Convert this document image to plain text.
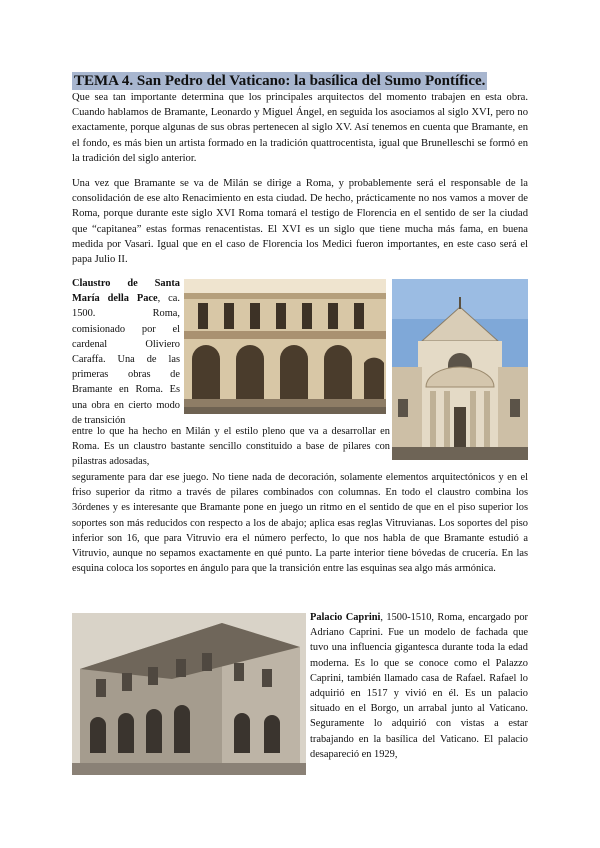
TEMA 4. San Pedro del Vaticano: la basílica del Sumo Pontífice.

Que sea tan importante determina que los principales arquitectos del momento trabajen en esta obra. Cuando hablamos de Bramante, Leonardo y Miguel Ángel, en seguida los asociamos al siglo XVI, pero no exactamente, porque algunas de sus obras pertenecen al siglo XV. Así tenemos en cuenta que Bramante, en el fondo, es más bien un artista formado en la tradición quattrocentista, igual que Brunelleschi se formó en la tradición del siglo anterior.

Una vez que Bramante se va de Milán se dirige a Roma, y probablemente será el responsable de la consolidación de ese alto Renacimiento en esta ciudad. De hecho, prácticamente no nos vamos a mover de Roma, porque durante este siglo XVI Roma tomará el testigo de Florencia en el sentido de ser la ciudad que “capitanea” estas formas renacentistas. El XVI es un siglo que tiene mucha más fama, en buena medida por Vasari. Igual que en el caso de Florencia los Medici fueron importantes, en este caso será el papa Julio II.

Claustro de Santa María della Pace, ca. 1500. Roma, comisionado por el cardenal Oliviero Caraffa. Una de las primeras obras de Bramante en Roma. Es una obra en cierto modo de transición

entre lo que ha hecho en Milán y el estilo pleno que va a desarrollar en Roma. Es un claustro bastante sencillo constituido a base de pilares con pilastras adosadas,

seguramente para dar ese juego. No tiene nada de decoración, solamente elementos arquitectónicos y en el friso superior da ritmo a través de pilares combinados con columnas. En todo el claustro combina los 3órdenes y es interesante que Bramante pone en juego un ritmo en el sentido de que en el piso superior los soportes son más reducidos con respecto a los de abajo; aplica esas reglas Vitruvianas. Los soportes del piso inferior son 16, que para Vitruvio era el número perfecto, lo que nos habla de que Bramante estudió a Vitruvio, aunque no sepamos exactamente en qué punto. La parte interior tiene bóvedas de crucería. En las esquina coloca los soportes en ángulo para que la transición entre las esquinas sea algo más armónica.

Palacio Caprini, 1500-1510, Roma, encargado por Adriano Caprini. Fue un modelo de fachada que tuvo una influencia gigantesca durante toda la edad moderna. Es lo que se conoce como el Palazzo Caprini, también llamado casa de Rafael. Rafael lo adquirió en 1517 y vivió en él. Es un palacio situado en el Borgo, un arrabal junto al Vaticano. Seguramente lo adquirió con vistas a estar trabajando en la basílica del Vaticano. El palacio desapareció en 1929,
